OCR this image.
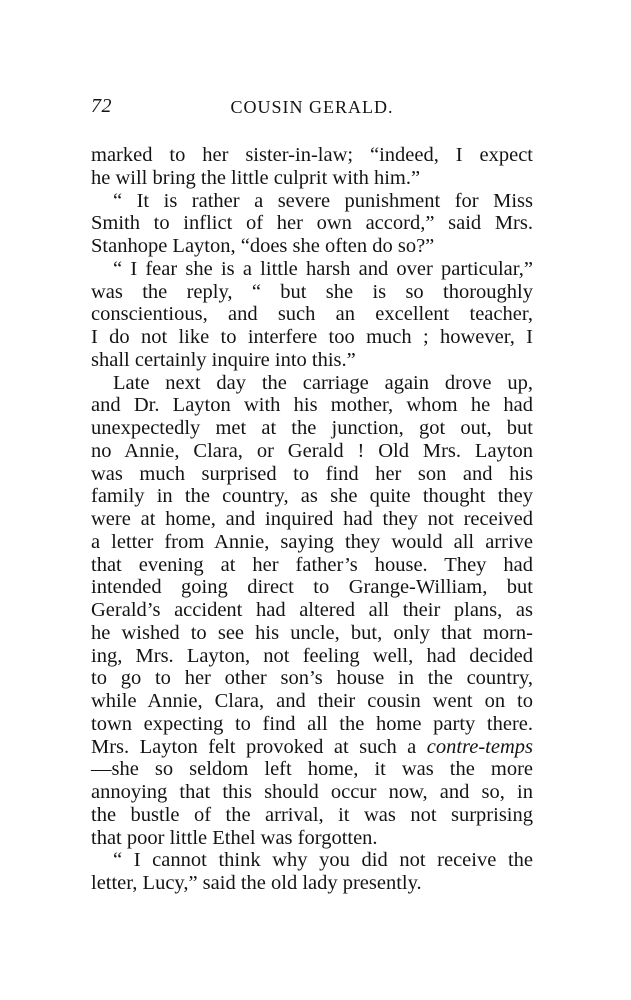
72	COUSIN GERALD.
marked to her sister-in-law; “indeed, I expect
he will bring the little culprit with him.”
“ It is rather a severe punishment for Miss
Smith to inflict of her own accord,” said Mrs.
Stanhope Layton, “does she often do so?”
“ I fear she is a little harsh and over particular,”
was the reply, “ but she is so thoroughly
conscientious, and such an excellent teacher,
I do not like to interfere too much ; however, I
shall certainly inquire into this.”
Late next day the carriage again drove up,
and Dr. Layton with his mother, whom he had
unexpectedly met at the junction, got out, but
no Annie, Clara, or Gerald ! Old Mrs. Layton
was much surprised to find her son and his
family in the country, as she quite thought they
were at home, and inquired had they not received
a letter from Annie, saying they would all arrive
that evening at her father’s house. They had
intended going direct to Grange-William, but
Gerald’s accident had altered all their plans, as
he wished to see his uncle, but, only that morn-
ing, Mrs. Layton, not feeling well, had decided
to go to her other son’s house in the country,
while Annie, Clara, and their cousin went on to
town expecting to find all the home party there.
Mrs. Layton felt provoked at such a contre-temps
—she so seldom left home, it was the more
annoying that this should occur now, and so, in
the bustle of the arrival, it was not surprising
that poor little Ethel was forgotten.
“ I cannot think why you did not receive the
letter, Lucy,” said the old lady presently.
